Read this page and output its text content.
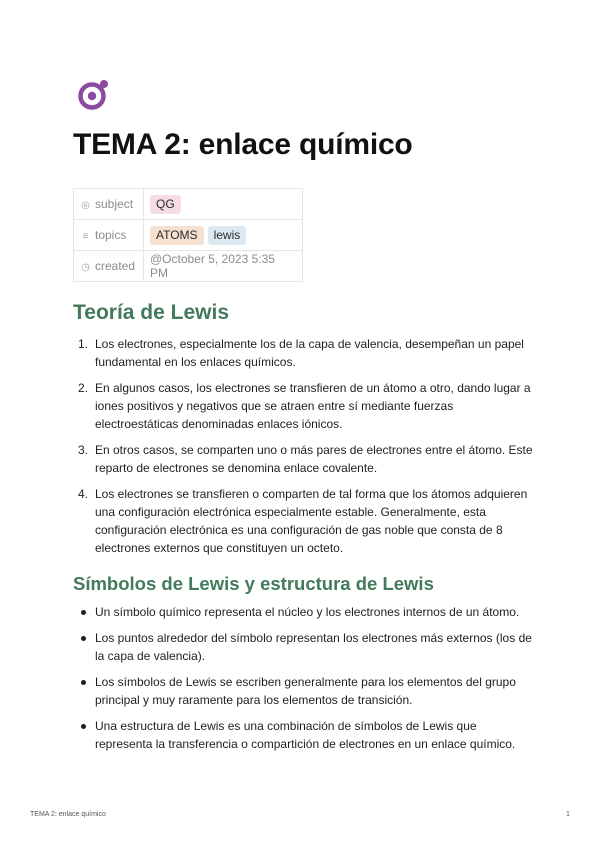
TEMA 2: enlace químico
◎ subject	QG
≡ topics	ATOMS lewis
◷ created	@October 5, 2023 5:35 PM
Teoría de Lewis
1. Los electrones, especialmente los de la capa de valencia, desempeñan un papel fundamental en los enlaces químicos.
2. En algunos casos, los electrones se transfieren de un átomo a otro, dando lugar a iones positivos y negativos que se atraen entre sí mediante fuerzas electroestáticas denominadas enlaces iónicos.
3. En otros casos, se comparten uno o más pares de electrones entre el átomo. Este reparto de electrones se denomina enlace covalente.
4. Los electrones se transfieren o comparten de tal forma que los átomos adquieren una configuración electrónica especialmente estable. Generalmente, esta configuración electrónica es una configuración de gas noble que consta de 8 electrones externos que constituyen un octeto.
Símbolos de Lewis y estructura de Lewis
Un símbolo químico representa el núcleo y los electrones internos de un átomo.
Los puntos alrededor del símbolo representan los electrones más externos (los de la capa de valencia).
Los símbolos de Lewis se escriben generalmente para los elementos del grupo principal y muy raramente para los elementos de transición.
Una estructura de Lewis es una combinación de símbolos de Lewis que representa la transferencia o compartición de electrones en un enlace químico.
TEMA 2: enlace químico	1
